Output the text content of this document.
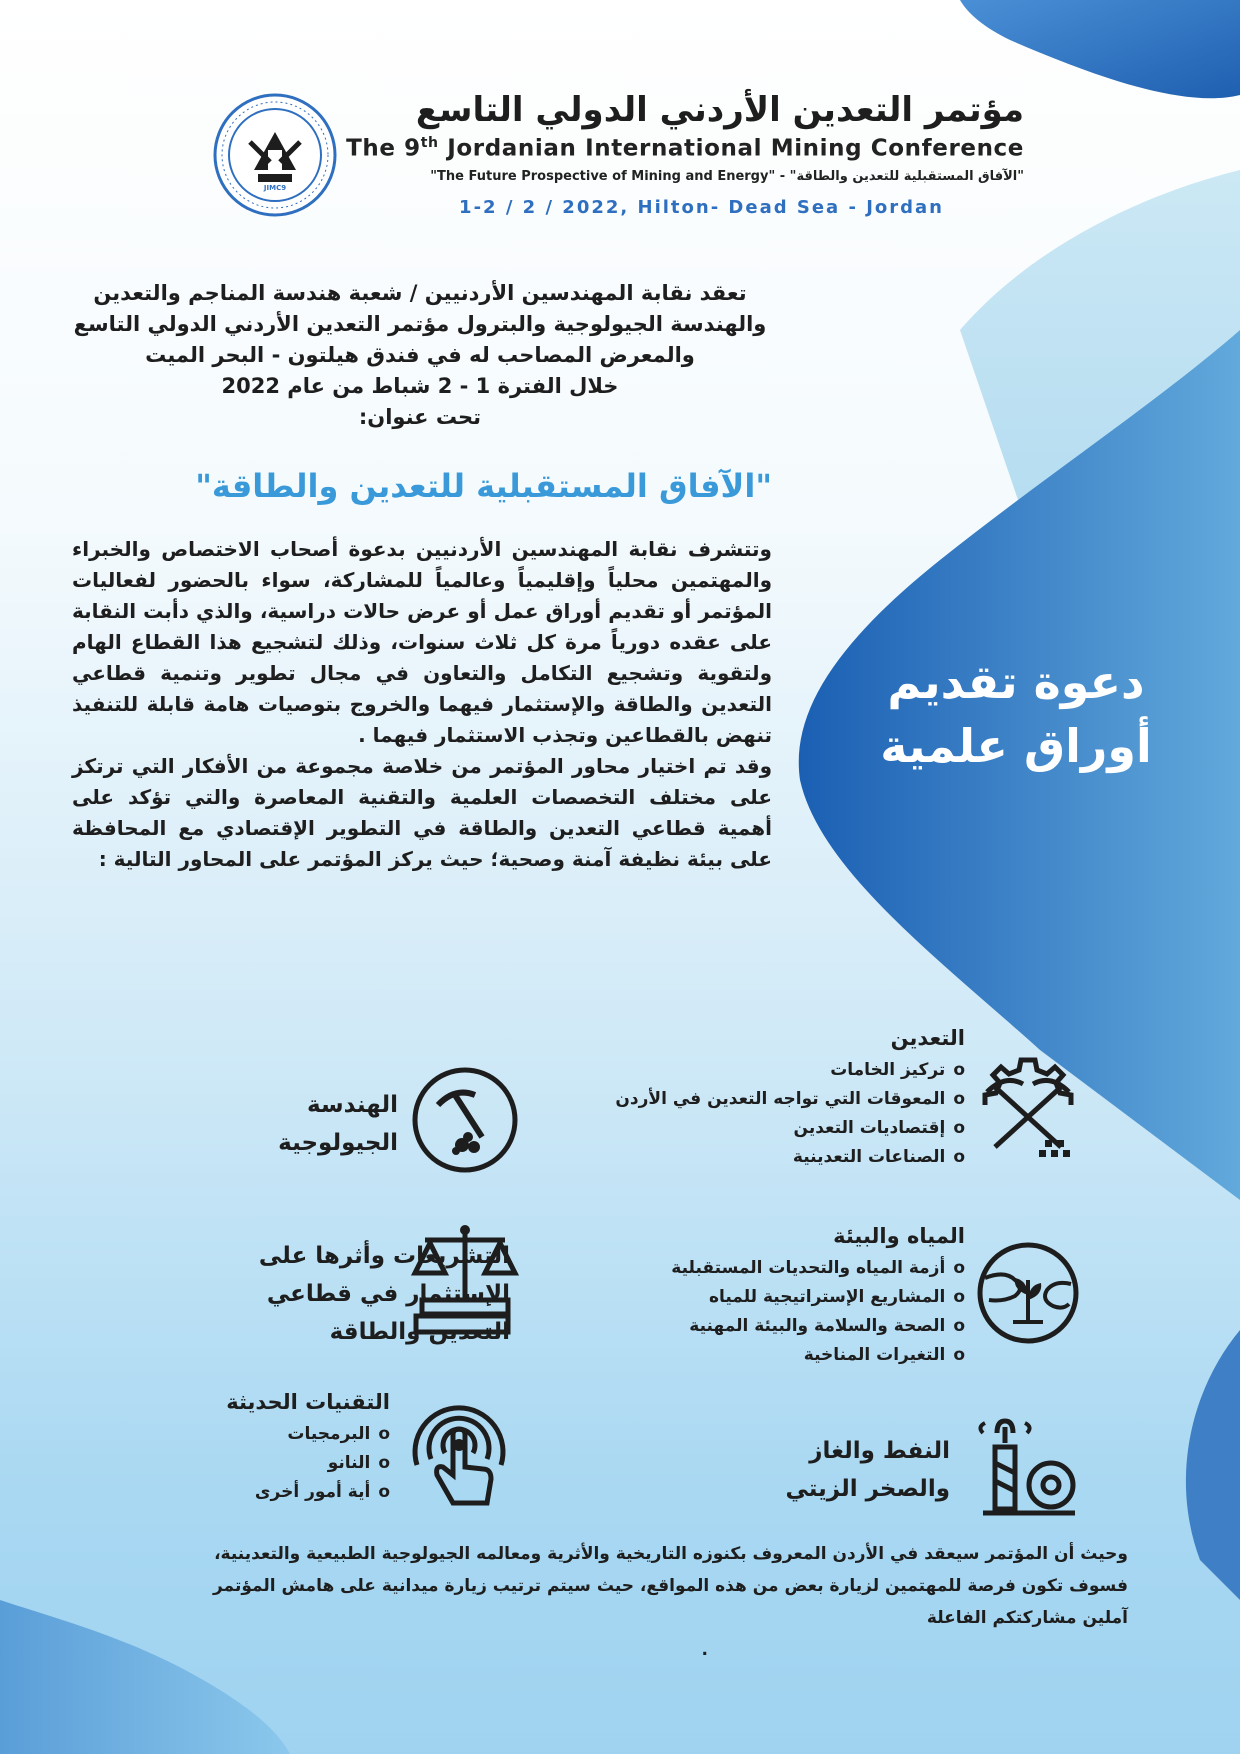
JIMC9
مؤتمر التعدين الأردني الدولي التاسع
The 9th Jordanian International Mining Conference
"The Future Prospective of Mining and Energy" - "الآفاق المستقبلية للتعدين والطاقة"
1-2 / 2 / 2022, Hilton- Dead Sea - Jordan
تعقد نقابة المهندسين الأردنيين / شعبة هندسة المناجم والتعدين
والهندسة الجيولوجية والبترول مؤتمر التعدين الأردني الدولي التاسع
والمعرض المصاحب له في فندق هيلتون - البحر الميت
خلال الفترة 1 - 2 شباط من عام 2022
تحت عنوان:
"الآفاق المستقبلية للتعدين والطاقة"

وتتشرف نقابة المهندسين الأردنيين بدعوة أصحاب الاختصاص والخبراء والمهتمين محلياً وإقليمياً وعالمياً للمشاركة، سواء بالحضور لفعاليات المؤتمر أو تقديم أوراق عمل أو عرض حالات دراسية، والذي دأبت النقابة على عقده دورياً مرة كل ثلاث سنوات، وذلك لتشجيع هذا القطاع الهام ولتقوية وتشجيع التكامل والتعاون في مجال تطوير وتنمية قطاعي التعدين والطاقة والإستثمار فيهما والخروج بتوصيات هامة قابلة للتنفيذ تنهض بالقطاعين وتجذب الاستثمار فيهما .

وقد تم اختيار محاور المؤتمر من خلاصة مجموعة من الأفكار التي ترتكز على مختلف التخصصات العلمية والتقنية المعاصرة والتي تؤكد على أهمية قطاعي التعدين والطاقة في التطوير الإقتصادي مع المحافظة على بيئة نظيفة آمنة وصحية؛ حيث يركز المؤتمر على المحاور التالية :

دعوة تقديم
أوراق علمية
التعدين
o تركيز الخامات
o المعوقات التي تواجه التعدين في الأردن
o إقتصاديات التعدين
o الصناعات التعدينية
الهندسة
الجيولوجية
المياه والبيئة
o أزمة المياه والتحديات المستقبلية
o المشاريع الإستراتيجية للمياه
o الصحة والسلامة والبيئة المهنية
o التغيرات المناخية
التشريعات وأثرها على
الإستثمار في قطاعي
التعدين والطاقة
النفط والغاز
والصخر الزيتي
التقنيات الحديثة
o البرمجيات
o النانو
o أية أمور أخرى

وحيث أن المؤتمر سيعقد في الأردن المعروف بكنوزه التاريخية والأثرية ومعالمه الجيولوجية الطبيعية والتعدينية،

فسوف تكون فرصة للمهتمين لزيارة بعض من هذه المواقع، حيث سيتم ترتيب زيارة ميدانية على هامش المؤتمر

آملين مشاركتكم الفاعلة

.
